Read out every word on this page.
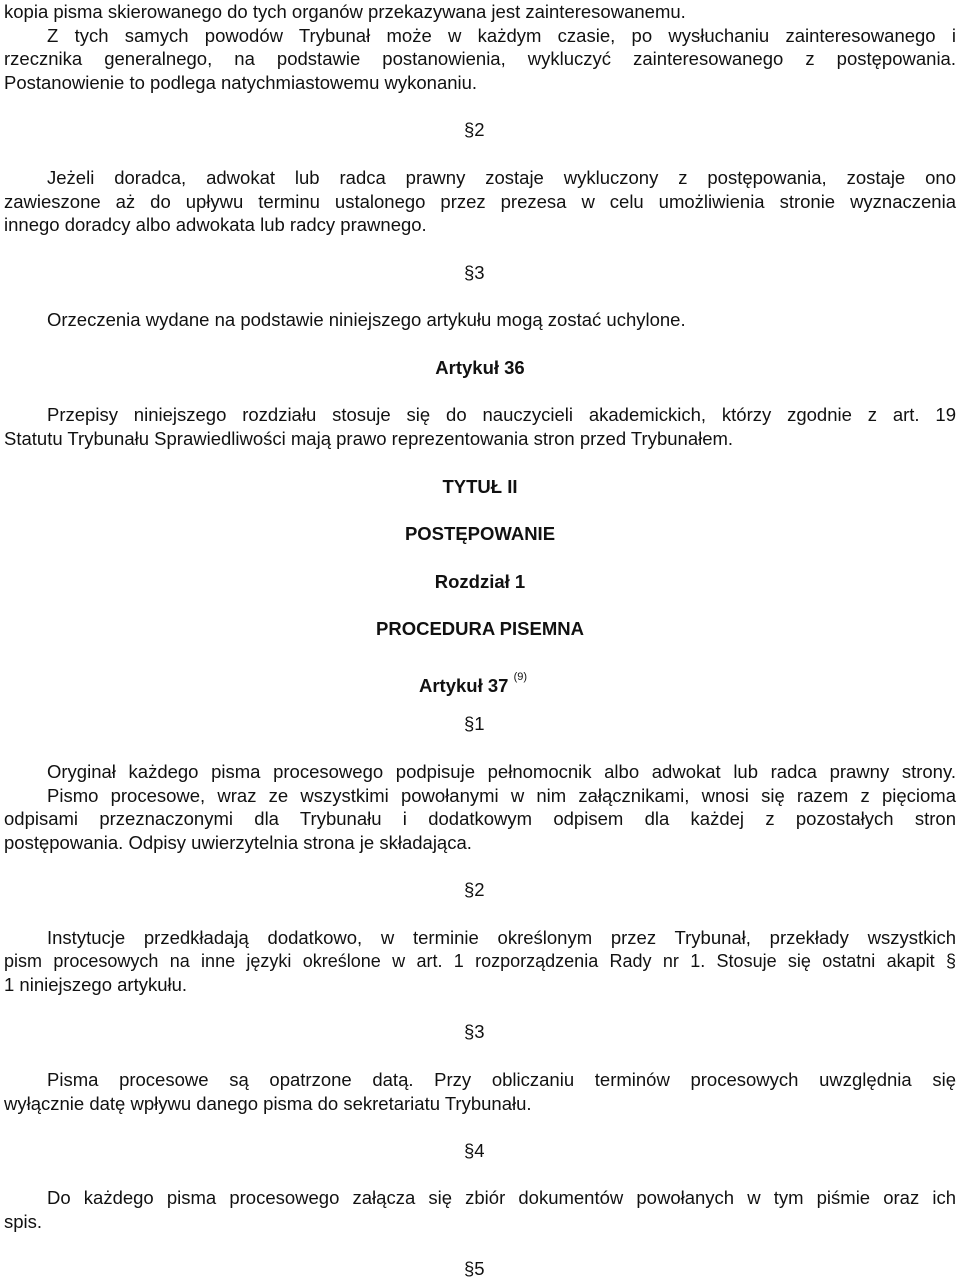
kopia pisma skierowanego do tych organów przekazywana jest zainteresowanemu.
Z tych samych powodów Trybunał może w każdym czasie, po wysłuchaniu zainteresowanego i
rzecznika generalnego, na podstawie postanowienia, wykluczyć zainteresowanego z postępowania.
Postanowienie to podlega natychmiastowemu wykonaniu.
§2
Jeżeli doradca, adwokat lub radca prawny zostaje wykluczony z postępowania, zostaje ono
zawieszone aż do upływu terminu ustalonego przez prezesa w celu umożliwienia stronie wyznaczenia
innego doradcy albo adwokata lub radcy prawnego.
§3
Orzeczenia wydane na podstawie niniejszego artykułu mogą zostać uchylone.
Artykuł 36
Przepisy niniejszego rozdziału stosuje się do nauczycieli akademickich, którzy zgodnie z art. 19
Statutu Trybunału Sprawiedliwości mają prawo reprezentowania stron przed Trybunałem.
TYTUŁ II
POSTĘPOWANIE
Rozdział 1
PROCEDURA PISEMNA
Artykuł 37 $^{(9)}$
§1
Oryginał każdego pisma procesowego podpisuje pełnomocnik albo adwokat lub radca prawny strony.
Pismo procesowe, wraz ze wszystkimi powołanymi w nim załącznikami, wnosi się razem z pięcioma
odpisami przeznaczonymi dla Trybunału i dodatkowym odpisem dla każdej z pozostałych stron
postępowania. Odpisy uwierzytelnia strona je składająca.
§2
Instytucje przedkładają dodatkowo, w terminie określonym przez Trybunał, przekłady wszystkich
pism procesowych na inne języki określone w art. 1 rozporządzenia Rady nr 1. Stosuje się ostatni akapit §
1 niniejszego artykułu.
§3
Pisma procesowe są opatrzone datą. Przy obliczaniu terminów procesowych uwzględnia się
wyłącznie datę wpływu danego pisma do sekretariatu Trybunału.
§4
Do każdego pisma procesowego załącza się zbiór dokumentów powołanych w tym piśmie oraz ich
spis.
§5
